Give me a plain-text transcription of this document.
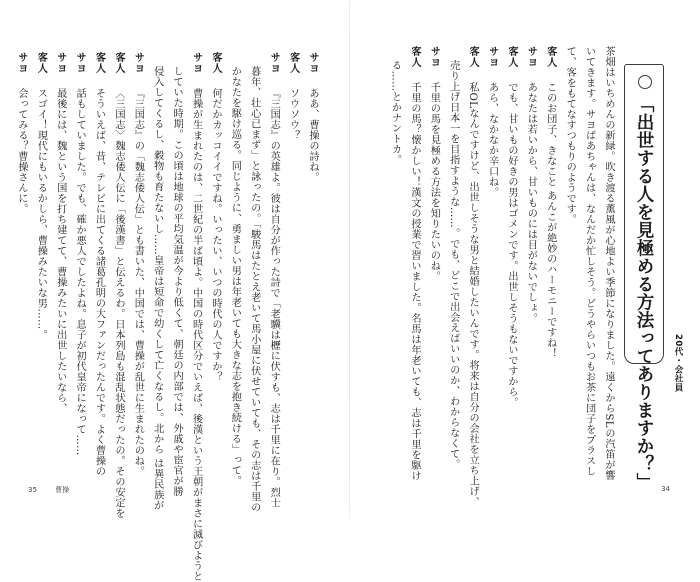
サヨああ、曹操の詩ね。
客人ソウソウ？
サヨ『三国志』の英雄よ。彼は自分が作った詩で「老驥は櫪に伏すも、志は千里に在り。烈士
暮年、壮心已まず」と詠ったの。「駿馬はたとえ老いて馬小屋に伏せていても、その志は千里の
かなたを駆け巡る。同じように、勇ましい男は年老いても大きな志を抱き続ける」って。
客人何だかカッコイイですね。いったい、いつの時代の人ですか？
サヨ曹操が生まれたのは、二世紀の半ば頃よ。中国の時代区分でいえば、後漢という王朝がまさに滅びようと
していた時期。この頃は地球の平均気温が今より低くて、朝廷の内部では、外戚や宦官が勝
侵入してくるし、穀物も育たないし……皇帝は短命で幼くして亡くなるし。北から は異民族が
サヨ『三国志』の「魏志倭人伝」とも書いた、中国では、曹操が乱世に生まれたのね。
客人〈三国志〉魏志倭人伝に「後漢書」と伝えるわ。日本列島も混乱状態だったの。その安定を
客人そういえば、昔、テレビに出てくる諸葛孔明の大ファンだったんです。よく曹操の
サヨ話もしていました。でも、確か悪人でしたよね。息子が初代皇帝になって……
サヨ最後には、魏という国を打ち建てて、曹操みたいに出世したいなら、
客人スゴイ！現代にもいるかしら、曹操みたいな男……。
サヨ会ってみる？曹操さんに。
35	曹操
茶畑はいちめんの新緑。吹き渡る薫風が心地よい季節になりました。遠くからSLの汽笛が響
いてきます。サヨばあちゃんは、なんだか忙しそう。どうやらいつもお茶に団子をプラスし
て、客をもてなすつもりのようです。
客人このお団子、きなこと あんこが絶妙のハーモニーですね！
サヨあなたは若いから、甘いものには目がないでしょ。
客人でも、甘いもの好きの男はゴメンです。出世しそうもないですから。
サヨあら、なかなか辛口ね。
客人私OLなんですけど、出世しそうな男と結婚したいんです。将来は自分の会社を立ち上げ、
売り上げ日本一を目指すような……。でも、どこで出会えばいいのか、わからなくて。
サヨ千里の馬を見極める方法を知りたいのね。
客人千里の馬？懐かしい！漢文の授業で習いました。名馬は年老いても、志は千里を駆け
る……とかナントカ。	「出世する人を見極める方法ってありますか？」	20代・会社員
34
